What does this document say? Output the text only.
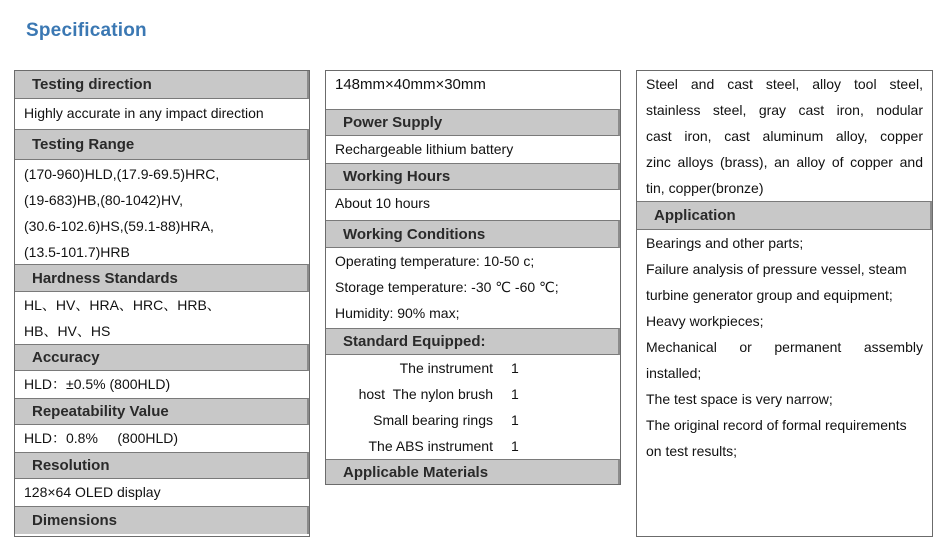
Specification
Testing direction
Highly accurate in any impact direction
Testing Range
(170-960)HLD,(17.9-69.5)HRC,
(19-683)HB,(80-1042)HV,
(30.6-102.6)HS,(59.1-88)HRA,
(13.5-101.7)HRB
Hardness Standards
HL、HV、HRA、HRC、HRB、
HB、HV、HS
Accuracy
HLD：±0.5% (800HLD)
Repeatability Value
HLD：0.8%     (800HLD)
Resolution
128×64 OLED display
Dimensions
148mm×40mm×30mm
Power Supply
Rechargeable lithium battery
Working Hours
About 10 hours
Working Conditions
Operating temperature: 10-50 c;
Storage temperature: -30 ℃ -60 ℃;
Humidity: 90% max;
Standard Equipped:
The instrument	1
host  The nylon brush	1
Small bearing rings	1
The ABS instrument	1
Applicable Materials
Steel and cast steel, alloy tool steel,
stainless steel, gray cast iron, nodular
cast iron, cast aluminum alloy, copper
zinc alloys (brass), an alloy of copper and
tin, copper(bronze)
Application
Bearings and other parts;
Failure analysis of pressure vessel, steam
turbine generator group and equipment;
Heavy workpieces;
Mechanical or permanent assembly
installed;
The test space is very narrow;
The original record of formal requirements
on test results;
